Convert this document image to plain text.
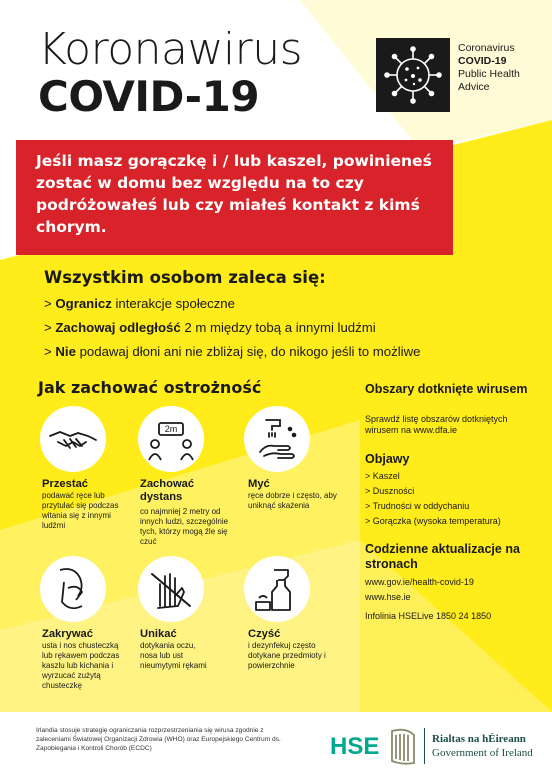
Koronawirus
COVID-19
Coronavirus
COVID-19
Public Health
Advice
Jeśli masz gorączkę i / lub kaszel, powinieneś zostać w domu bez względu na to czy podróżowałeś lub czy miałeś kontakt z kimś chorym.
Wszystkim osobom zaleca się:
> Ogranicz interakcje społeczne
> Zachowaj odległość 2 m między tobą a innymi ludźmi
> Nie podawaj dłoni ani nie zbliżaj się, do nikogo jeśli to możliwe
Jak zachować ostrożność
2m
Przestać
podawać ręce lub przytulać się podczas witania się z innymi ludźmi
Zachować dystans
co najmniej 2 metry od innych ludzi, szczególnie tych, którzy mogą źle się czuć
Myć
ręce dobrze i często, aby uniknąć skażenia
Zakrywać
usta i nos chusteczką lub rękawem podczas kaszlu lub kichania i wyrzucać zużytą chusteczkę
Unikać
dotykania oczu, nosa lub ust nieumytymi rękami
Czyść
i dezynfekuj często dotykane przedmioty i powierzchnie
Obszary dotknięte wirusem
Sprawdź listę obszarów dotkniętych wirusem na www.dfa.ie
Objawy
> Kaszel
> Duszności
> Trudności w oddychaniu
> Gorączka (wysoka temperatura)
Codzienne aktualizacje na stronach
www.gov.ie/health-covid-19
www.hse.ie
Infolinia HSELive 1850 24 1850
Irlandia stosuje strategię ograniczania rozprzestrzeniania się wirusa zgodnie z zaleceniami Światowej Organizacji Zdrowia (WHO) oraz Europejskiego Centrum ds. Zapobiegania i Kontroli Chorób (ECDC)	HSE	Rialtas na hÉireann
Government of Ireland
